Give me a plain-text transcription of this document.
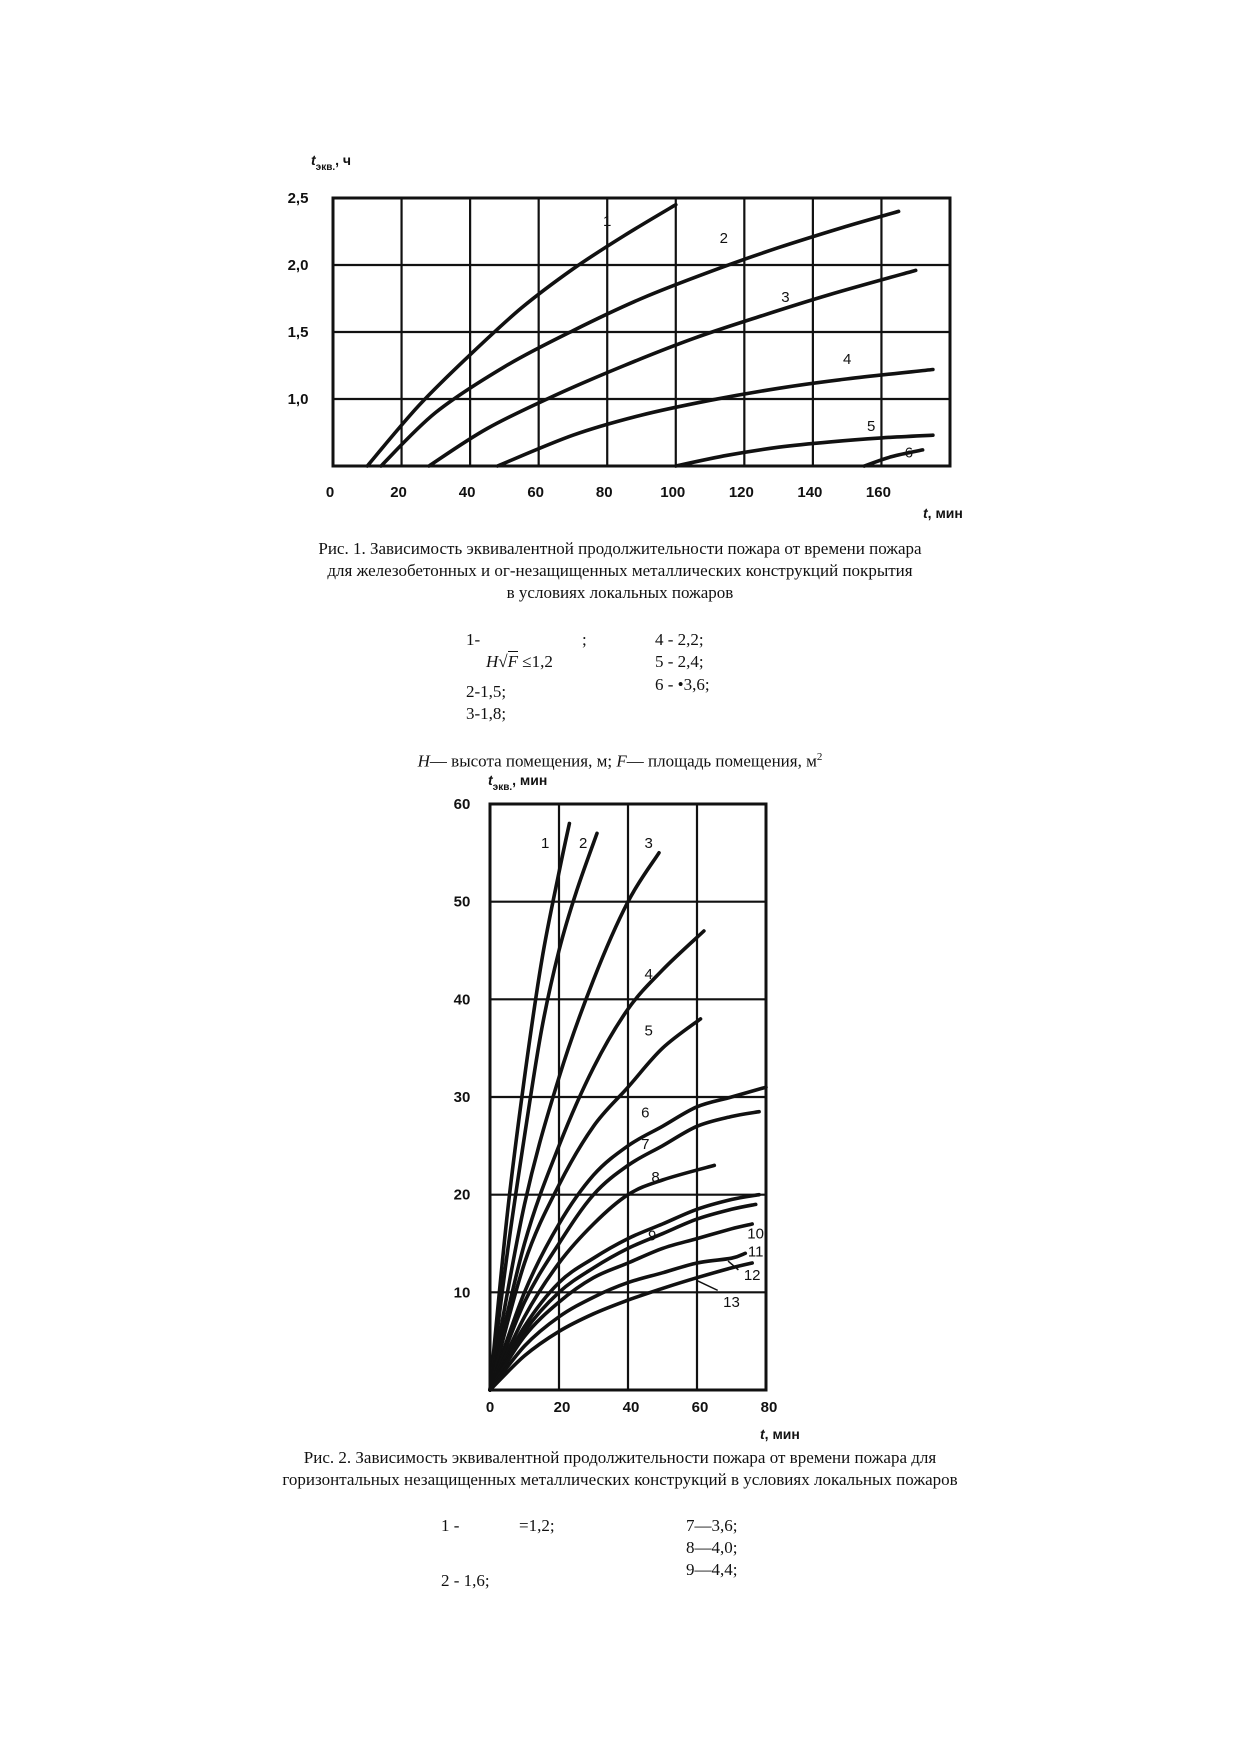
0	20	40	60	80	100	120	140	160
2,5
2,0
1,5
1,0
$t_{экв.}$, ч
t, мин
1
2
3
4
5
6
0	20	40	60	80
60
50
40
30
20
10
$t_{экв.}$, мин
t, мин
1 2	3
4
5
6
7
8
9	10
11
12
13
Рис. 1. Зависимость эквивалентной продолжительности пожара от времени пожара
для железобетонных и ог-незащищенных металлических конструкций покрытия
в условиях локальных пожаров
1-	;
H√F ≤1,2
2-1,5;
3-1,8;
4 - 2,2;
5 - 2,4;
6 - •3,6;
H— высота помещения, м; F— площадь помещения, $м^2$
Рис. 2. Зависимость эквивалентной продолжительности пожара от времени пожара для
горизонтальных незащищенных металлических конструкций в условиях локальных пожаров
1 -	=1,2;
2 - 1,6;
7—3,6;
8—4,0;
9—4,4;
